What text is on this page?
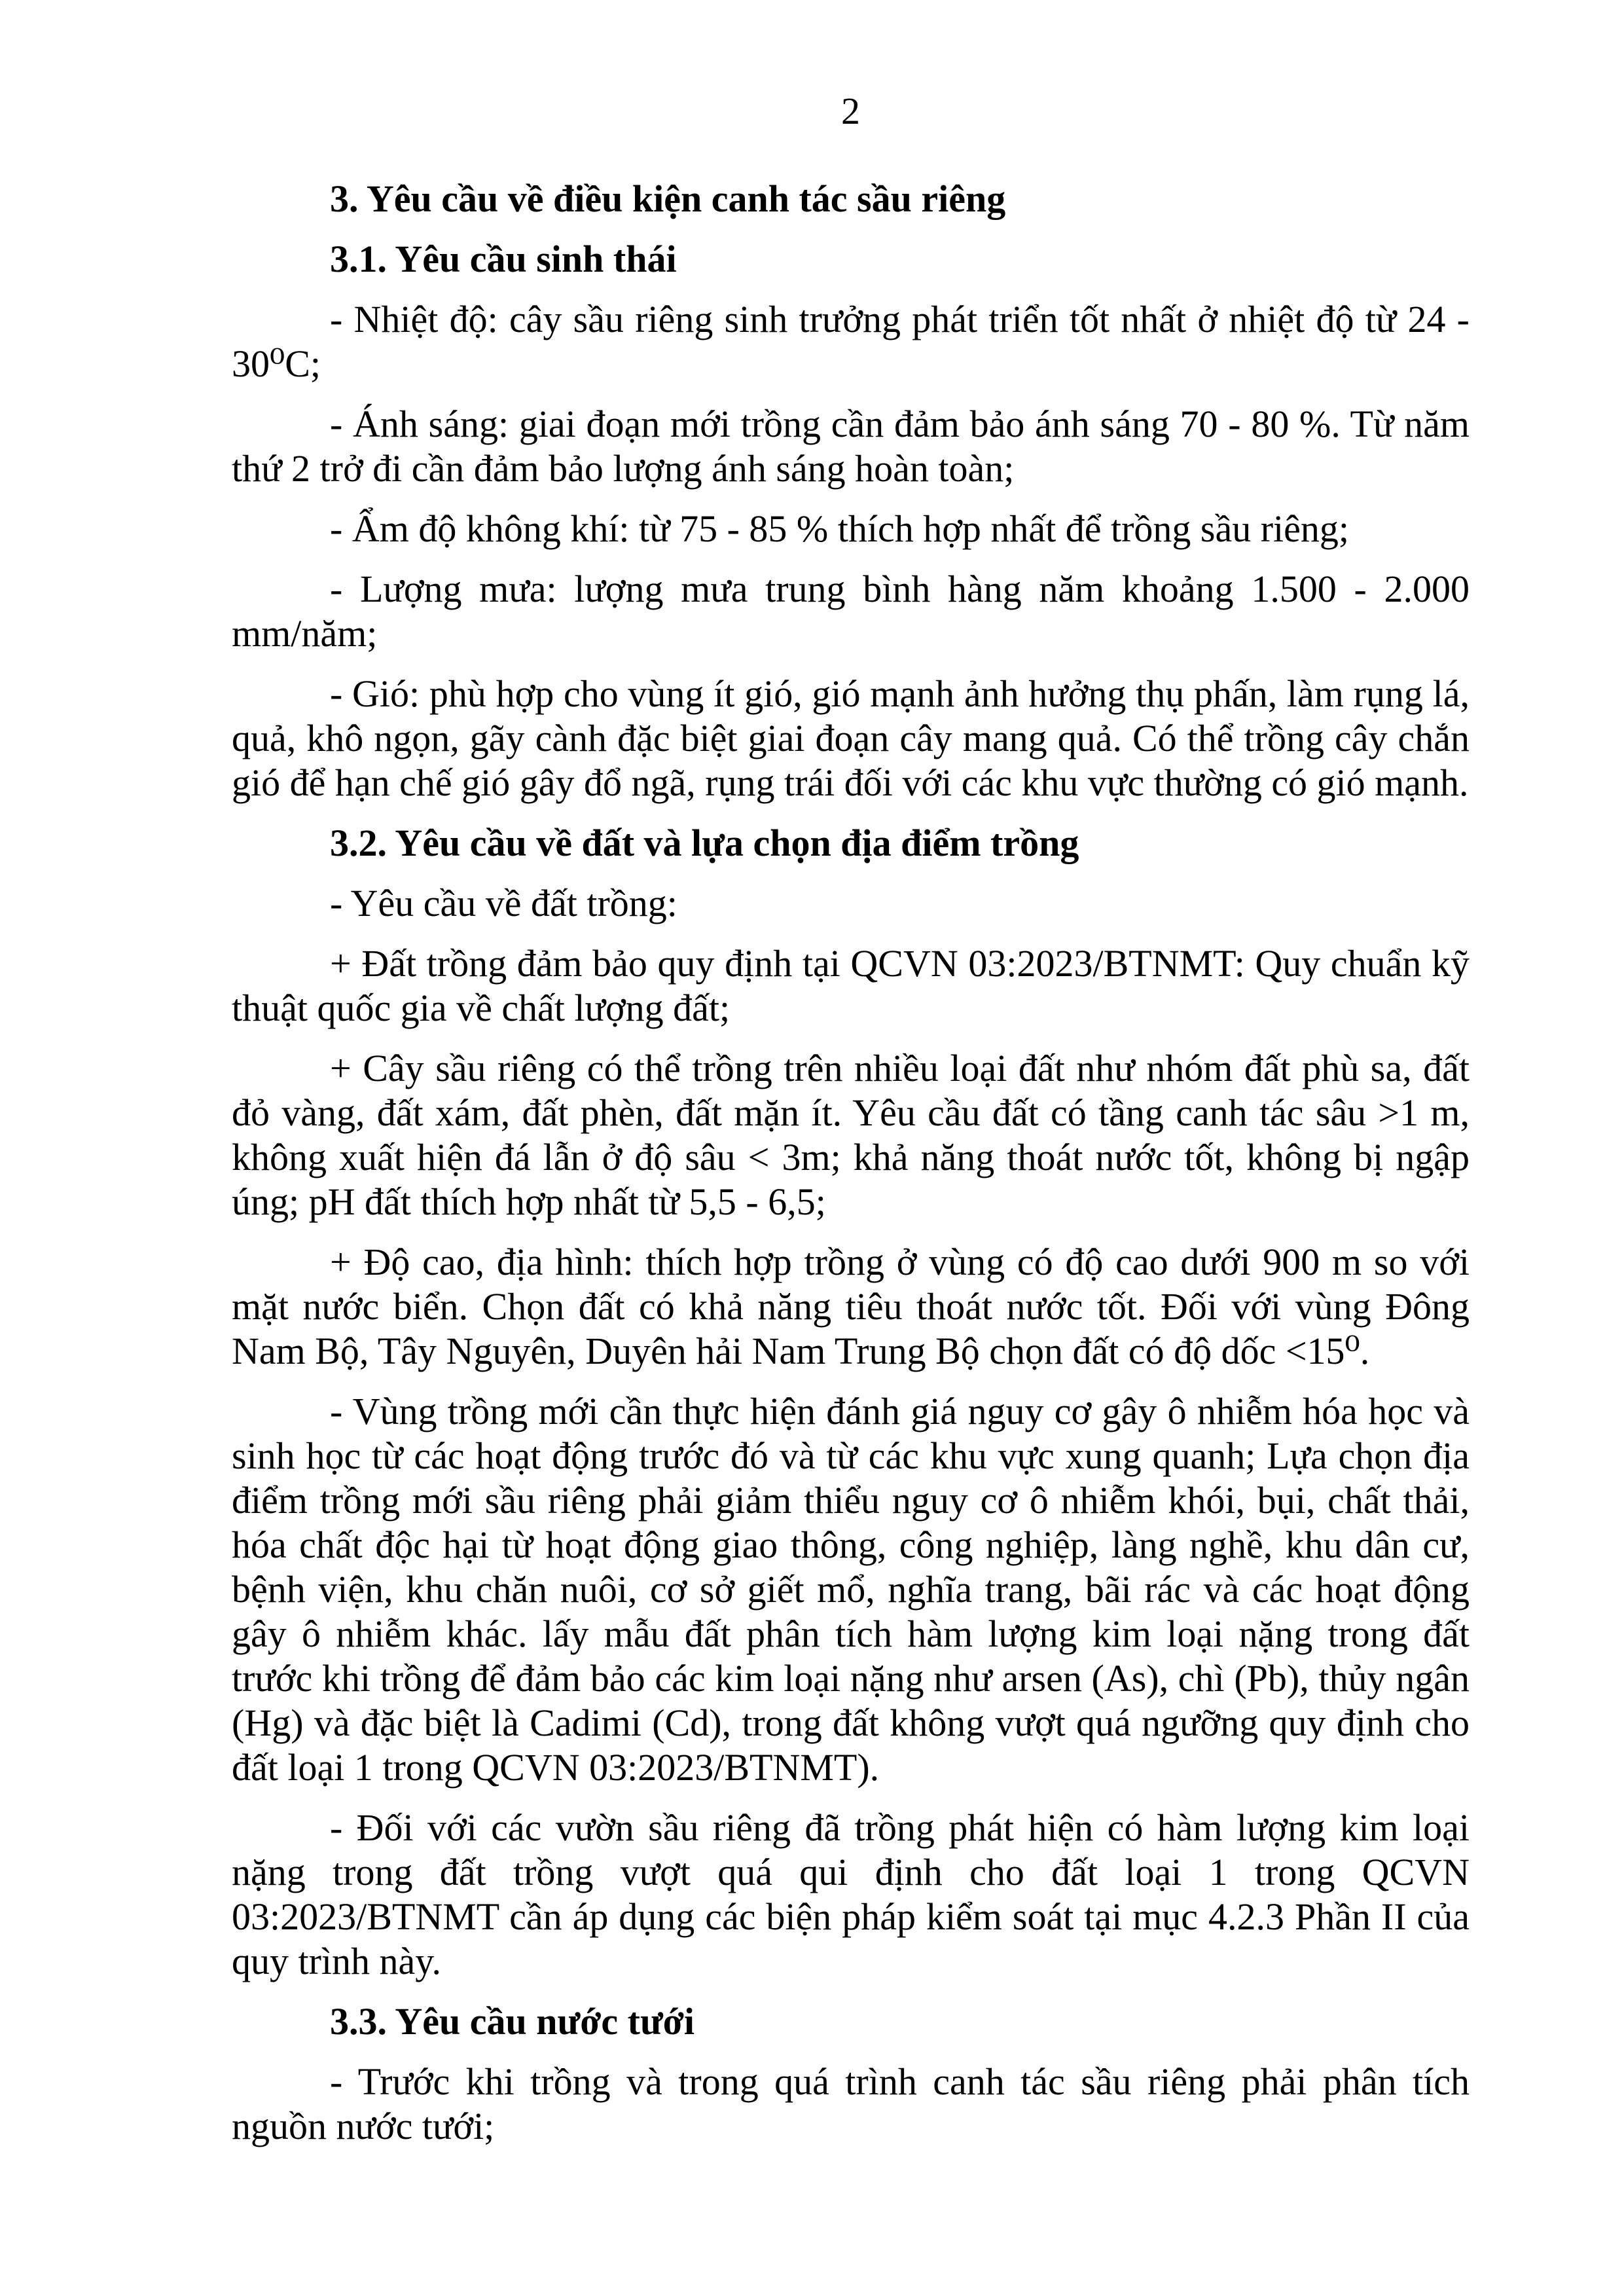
2

3. Yêu cầu về điều kiện canh tác sầu riêng

3.1. Yêu cầu sinh thái

- Nhiệt độ: cây sầu riêng sinh trưởng phát triển tốt nhất ở nhiệt độ từ 24 - 30⁰C;

- Ánh sáng: giai đoạn mới trồng cần đảm bảo ánh sáng 70 - 80 %. Từ năm thứ 2 trở đi cần đảm bảo lượng ánh sáng hoàn toàn;

- Ẩm độ không khí: từ 75 - 85 % thích hợp nhất để trồng sầu riêng;

- Lượng mưa: lượng mưa trung bình hàng năm khoảng 1.500 - 2.000 mm/năm;

- Gió: phù hợp cho vùng ít gió, gió mạnh ảnh hưởng thụ phấn, làm rụng lá, quả, khô ngọn, gãy cành đặc biệt giai đoạn cây mang quả. Có thể trồng cây chắn gió để hạn chế gió gây đổ ngã, rụng trái đối với các khu vực thường có gió mạnh.

3.2. Yêu cầu về đất và lựa chọn địa điểm trồng

- Yêu cầu về đất trồng:

+ Đất trồng đảm bảo quy định tại QCVN 03:2023/BTNMT: Quy chuẩn kỹ thuật quốc gia về chất lượng đất;

+ Cây sầu riêng có thể trồng trên nhiều loại đất như nhóm đất phù sa, đất đỏ vàng, đất xám, đất phèn, đất mặn ít. Yêu cầu đất có tầng canh tác sâu >1 m, không xuất hiện đá lẫn ở độ sâu < 3m; khả năng thoát nước tốt, không bị ngập úng; pH đất thích hợp nhất từ 5,5 - 6,5;

+ Độ cao, địa hình: thích hợp trồng ở vùng có độ cao dưới 900 m so với mặt nước biển. Chọn đất có khả năng tiêu thoát nước tốt. Đối với vùng Đông Nam Bộ, Tây Nguyên, Duyên hải Nam Trung Bộ chọn đất có độ dốc <15⁰.

- Vùng trồng mới cần thực hiện đánh giá nguy cơ gây ô nhiễm hóa học và sinh học từ các hoạt động trước đó và từ các khu vực xung quanh; Lựa chọn địa điểm trồng mới sầu riêng phải giảm thiểu nguy cơ ô nhiễm khói, bụi, chất thải, hóa chất độc hại từ hoạt động giao thông, công nghiệp, làng nghề, khu dân cư, bệnh viện, khu chăn nuôi, cơ sở giết mổ, nghĩa trang, bãi rác và các hoạt động gây ô nhiễm khác. lấy mẫu đất phân tích hàm lượng kim loại nặng trong đất trước khi trồng để đảm bảo các kim loại nặng như arsen (As), chì (Pb), thủy ngân (Hg) và đặc biệt là Cadimi (Cd), trong đất không vượt quá ngưỡng quy định cho đất loại 1 trong QCVN 03:2023/BTNMT).

- Đối với các vườn sầu riêng đã trồng phát hiện có hàm lượng kim loại nặng trong đất trồng vượt quá qui định cho đất loại 1 trong QCVN 03:2023/BTNMT cần áp dụng các biện pháp kiểm soát tại mục 4.2.3 Phần II của quy trình này.

3.3. Yêu cầu nước tưới

- Trước khi trồng và trong quá trình canh tác sầu riêng phải phân tích nguồn nước tưới;
